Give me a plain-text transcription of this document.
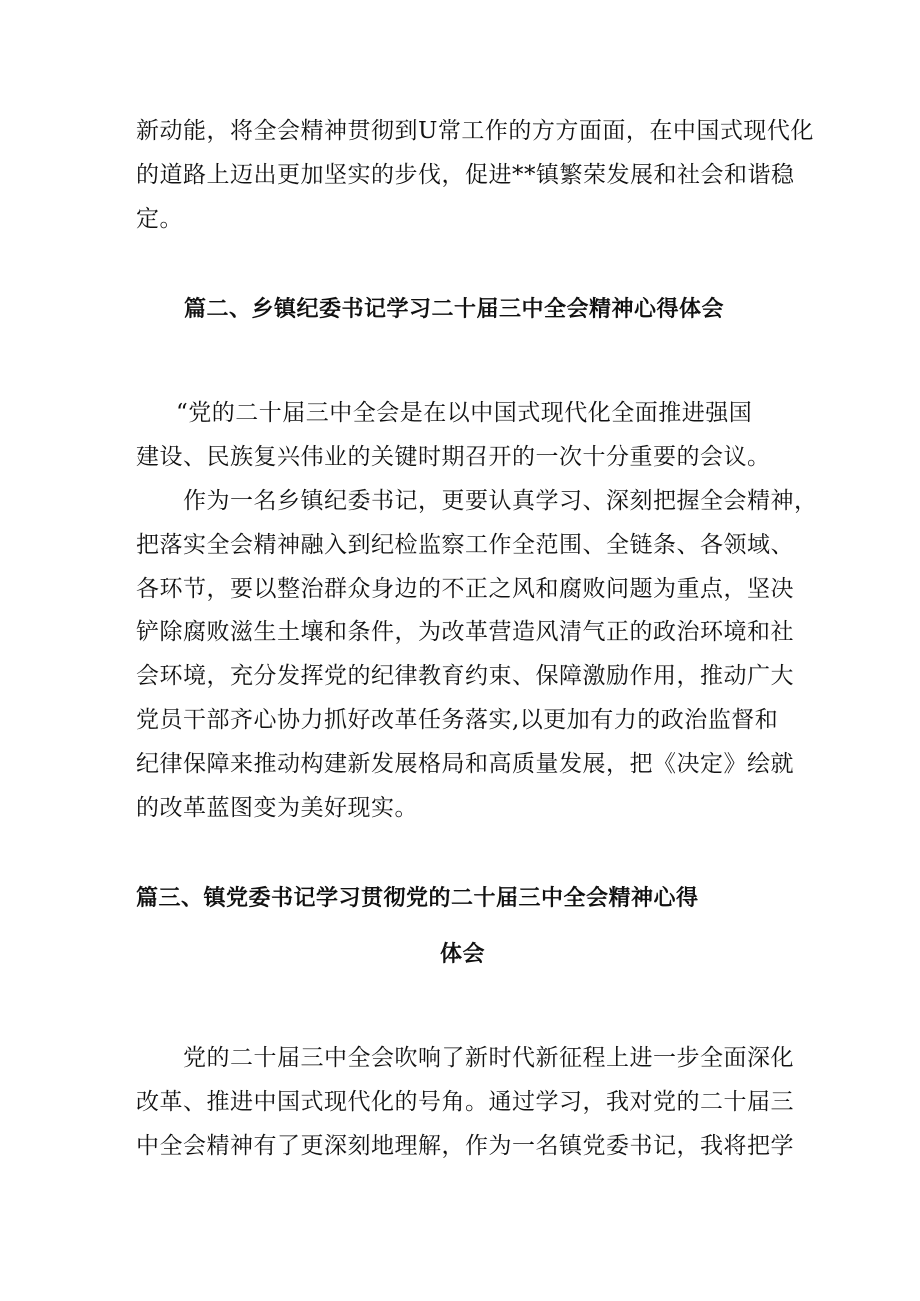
新动能，将全会精神贯彻到U常工作的方方面面，在中国式现代化
的道路上迈出更加坚实的步伐，促进**镇繁荣发展和社会和谐稳
定。
篇二、乡镇纪委书记学习二十届三中全会精神心得体会
“党的二十届三中全会是在以中国式现代化全面推进强国
建设、民族复兴伟业的关键时期召开的一次十分重要的会议。
作为一名乡镇纪委书记，更要认真学习、深刻把握全会精神，
把落实全会精神融入到纪检监察工作全范围、全链条、各领域、
各环节，要以整治群众身边的不正之风和腐败问题为重点，坚决
铲除腐败滋生土壤和条件，为改革营造风清气正的政治环境和社
会环境，充分发挥党的纪律教育约束、保障激励作用，推动广大
党员干部齐心协力抓好改革任务落实,以更加有力的政治监督和
纪律保障来推动构建新发展格局和高质量发展，把《决定》绘就
的改革蓝图变为美好现实。
篇三、镇党委书记学习贯彻党的二十届三中全会精神心得
体会
党的二十届三中全会吹响了新时代新征程上进一步全面深化
改革、推进中国式现代化的号角。通过学习，我对党的二十届三
中全会精神有了更深刻地理解，作为一名镇党委书记，我将把学
